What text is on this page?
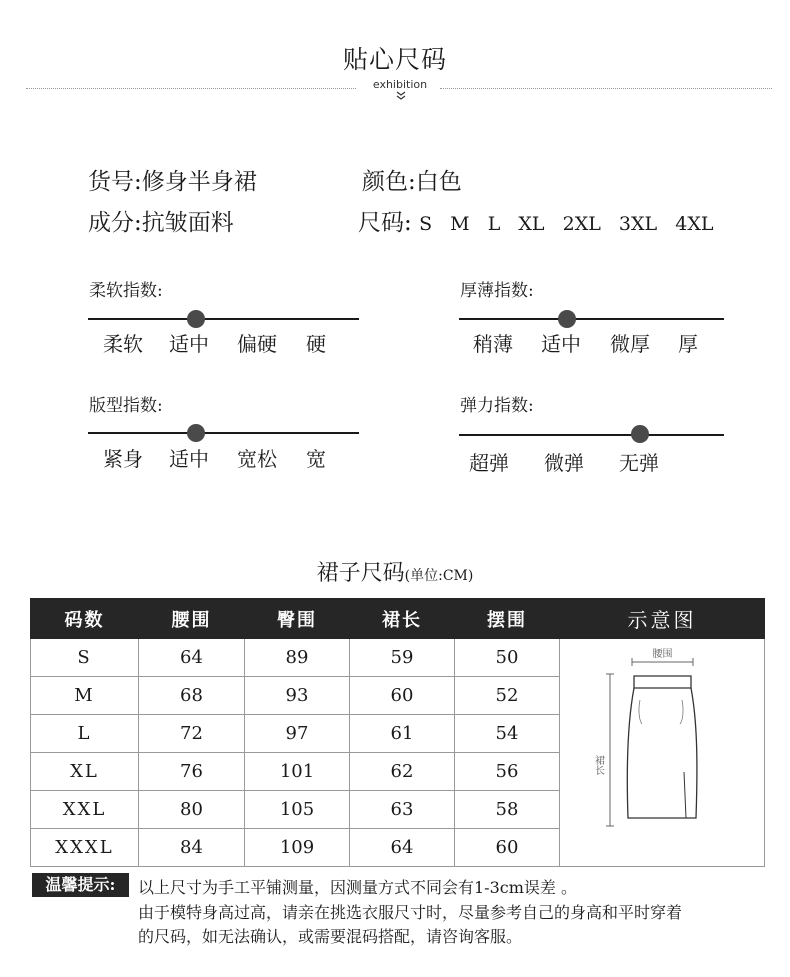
贴心尺码
exhibition
货号:修身半身裙	颜色:白色
成分:抗皱面料	尺码: S  M  L  XL  2XL  3XL  4XL
柔软指数:
柔软 适中 偏硬 硬
厚薄指数:
稍薄 适中 微厚 厚
版型指数:
紧身 适中 宽松 宽
弹力指数:
超弹 微弹 无弹
裙子尺码(单位:CM)
码数	腰围	臀围	裙长	摆围	示意图
S	64	89	59	50	腰围
裙长

M	68	93	60	52	
L	72	97	61	54	
XL	76	101	62	56	
XXL	80	105	63	58	
XXXL	84	109	64	60	
温馨提示:	以上尺寸为手工平铺测量，因测量方式不同会有1-3cm误差 。
由于模特身高过高，请亲在挑选衣服尺寸时，尽量参考自己的身高和平时穿着
的尺码，如无法确认，或需要混码搭配，请咨询客服。
